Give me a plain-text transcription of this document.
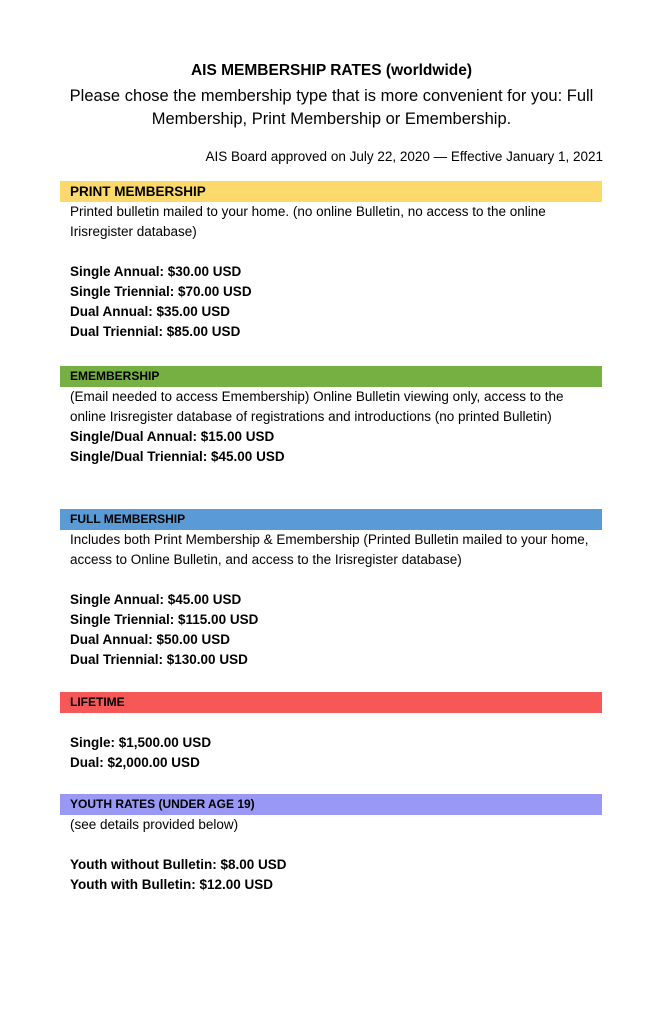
AIS MEMBERSHIP RATES (worldwide)
Please chose the membership type that is more convenient for you: Full Membership, Print Membership or Emembership.
AIS Board approved on July 22, 2020 — Effective January 1, 2021
PRINT MEMBERSHIP
Printed bulletin mailed to your home. (no online Bulletin, no access to the online Irisregister database)
Single Annual: $30.00 USD
Single Triennial: $70.00 USD
Dual Annual: $35.00 USD
Dual Triennial: $85.00 USD
EMEMBERSHIP
(Email needed to access Emembership) Online Bulletin viewing only, access to the online Irisregister database of registrations and introductions (no printed Bulletin)
Single/Dual Annual: $15.00 USD
Single/Dual Triennial: $45.00 USD
FULL MEMBERSHIP
Includes both Print Membership & Emembership (Printed Bulletin mailed to your home, access to Online Bulletin, and access to the Irisregister database)
Single Annual: $45.00 USD
Single Triennial: $115.00 USD
Dual Annual: $50.00 USD
Dual Triennial: $130.00 USD
LIFETIME
Single: $1,500.00 USD
Dual: $2,000.00 USD
YOUTH RATES (UNDER AGE 19)
(see details provided below)
Youth without Bulletin: $8.00 USD
Youth with Bulletin: $12.00 USD
